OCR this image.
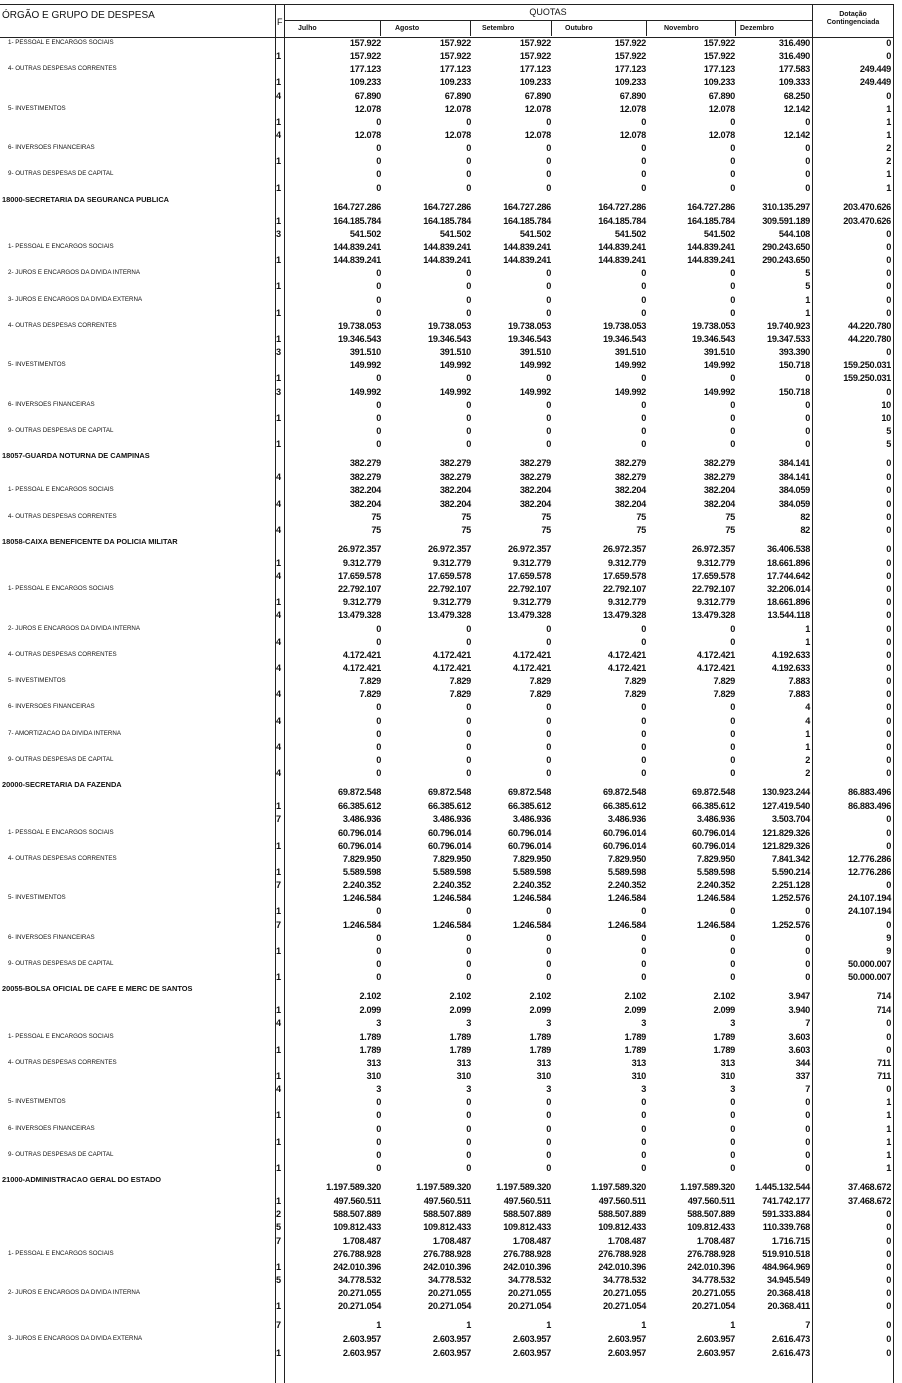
ÓRGÃO E GRUPO DE DESPESA
F
QUOTAS
Julho	Agosto	Setembro	Outubro	Novembro	Dezembro
Dotação Contingenciada
1- PESSOAL E ENCARGOS SOCIAIS	157.922	157.922	157.922	157.922	157.922	316.490	0
1	157.922	157.922	157.922	157.922	157.922	316.490	0
4- OUTRAS DESPESAS CORRENTES	177.123	177.123	177.123	177.123	177.123	177.583	249.449
1	109.233	109.233	109.233	109.233	109.233	109.333	249.449
4	67.890	67.890	67.890	67.890	67.890	68.250	0
5- INVESTIMENTOS	12.078	12.078	12.078	12.078	12.078	12.142	1
1	0	0	0	0	0	0	1
4	12.078	12.078	12.078	12.078	12.078	12.142	1
6- INVERSOES FINANCEIRAS	0	0	0	0	0	0	2
1	0	0	0	0	0	0	2
9- OUTRAS DESPESAS DE CAPITAL	0	0	0	0	0	0	1
1	0	0	0	0	0	0	1
18000-SECRETARIA DA SEGURANCA PUBLICA
164.727.286	164.727.286	164.727.286	164.727.286	164.727.286	310.135.297	203.470.626
1	164.185.784	164.185.784	164.185.784	164.185.784	164.185.784	309.591.189	203.470.626
3	541.502	541.502	541.502	541.502	541.502	544.108	0
1- PESSOAL E ENCARGOS SOCIAIS	144.839.241	144.839.241	144.839.241	144.839.241	144.839.241	290.243.650	0
1	144.839.241	144.839.241	144.839.241	144.839.241	144.839.241	290.243.650	0
2- JUROS E ENCARGOS DA DIVIDA INTERNA	0	0	0	0	0	5	0
1	0	0	0	0	0	5	0
3- JUROS E ENCARGOS DA DIVIDA EXTERNA	0	0	0	0	0	1	0
1	0	0	0	0	0	1	0
4- OUTRAS DESPESAS CORRENTES	19.738.053	19.738.053	19.738.053	19.738.053	19.738.053	19.740.923	44.220.780
1	19.346.543	19.346.543	19.346.543	19.346.543	19.346.543	19.347.533	44.220.780
3	391.510	391.510	391.510	391.510	391.510	393.390	0
5- INVESTIMENTOS	149.992	149.992	149.992	149.992	149.992	150.718	159.250.031
1	0	0	0	0	0	0	159.250.031
3	149.992	149.992	149.992	149.992	149.992	150.718	0
6- INVERSOES FINANCEIRAS	0	0	0	0	0	0	10
1	0	0	0	0	0	0	10
9- OUTRAS DESPESAS DE CAPITAL	0	0	0	0	0	0	5
1	0	0	0	0	0	0	5
18057-GUARDA NOTURNA DE CAMPINAS
382.279	382.279	382.279	382.279	382.279	384.141	0
4	382.279	382.279	382.279	382.279	382.279	384.141	0
1- PESSOAL E ENCARGOS SOCIAIS	382.204	382.204	382.204	382.204	382.204	384.059	0
4	382.204	382.204	382.204	382.204	382.204	384.059	0
4- OUTRAS DESPESAS CORRENTES	75	75	75	75	75	82	0
4	75	75	75	75	75	82	0
18058-CAIXA BENEFICENTE DA POLICIA MILITAR
26.972.357	26.972.357	26.972.357	26.972.357	26.972.357	36.406.538	0
1	9.312.779	9.312.779	9.312.779	9.312.779	9.312.779	18.661.896	0
4	17.659.578	17.659.578	17.659.578	17.659.578	17.659.578	17.744.642	0
1- PESSOAL E ENCARGOS SOCIAIS	22.792.107	22.792.107	22.792.107	22.792.107	22.792.107	32.206.014	0
1	9.312.779	9.312.779	9.312.779	9.312.779	9.312.779	18.661.896	0
4	13.479.328	13.479.328	13.479.328	13.479.328	13.479.328	13.544.118	0
2- JUROS E ENCARGOS DA DIVIDA INTERNA	0	0	0	0	0	1	0
4	0	0	0	0	0	1	0
4- OUTRAS DESPESAS CORRENTES	4.172.421	4.172.421	4.172.421	4.172.421	4.172.421	4.192.633	0
4	4.172.421	4.172.421	4.172.421	4.172.421	4.172.421	4.192.633	0
5- INVESTIMENTOS	7.829	7.829	7.829	7.829	7.829	7.883	0
4	7.829	7.829	7.829	7.829	7.829	7.883	0
6- INVERSOES FINANCEIRAS	0	0	0	0	0	4	0
4	0	0	0	0	0	4	0
7- AMORTIZACAO DA DIVIDA INTERNA	0	0	0	0	0	1	0
4	0	0	0	0	0	1	0
9- OUTRAS DESPESAS DE CAPITAL	0	0	0	0	0	2	0
4	0	0	0	0	0	2	0
20000-SECRETARIA DA FAZENDA
69.872.548	69.872.548	69.872.548	69.872.548	69.872.548	130.923.244	86.883.496
1	66.385.612	66.385.612	66.385.612	66.385.612	66.385.612	127.419.540	86.883.496
7	3.486.936	3.486.936	3.486.936	3.486.936	3.486.936	3.503.704	0
1- PESSOAL E ENCARGOS SOCIAIS	60.796.014	60.796.014	60.796.014	60.796.014	60.796.014	121.829.326	0
1	60.796.014	60.796.014	60.796.014	60.796.014	60.796.014	121.829.326	0
4- OUTRAS DESPESAS CORRENTES	7.829.950	7.829.950	7.829.950	7.829.950	7.829.950	7.841.342	12.776.286
1	5.589.598	5.589.598	5.589.598	5.589.598	5.589.598	5.590.214	12.776.286
7	2.240.352	2.240.352	2.240.352	2.240.352	2.240.352	2.251.128	0
5- INVESTIMENTOS	1.246.584	1.246.584	1.246.584	1.246.584	1.246.584	1.252.576	24.107.194
1	0	0	0	0	0	0	24.107.194
7	1.246.584	1.246.584	1.246.584	1.246.584	1.246.584	1.252.576	0
6- INVERSOES FINANCEIRAS	0	0	0	0	0	0	9
1	0	0	0	0	0	0	9
9- OUTRAS DESPESAS DE CAPITAL	0	0	0	0	0	0	50.000.007
1	0	0	0	0	0	0	50.000.007
20055-BOLSA OFICIAL DE CAFE E MERC DE SANTOS
2.102	2.102	2.102	2.102	2.102	3.947	714
1	2.099	2.099	2.099	2.099	2.099	3.940	714
4	3	3	3	3	3	7	0
1- PESSOAL E ENCARGOS SOCIAIS	1.789	1.789	1.789	1.789	1.789	3.603	0
1	1.789	1.789	1.789	1.789	1.789	3.603	0
4- OUTRAS DESPESAS CORRENTES	313	313	313	313	313	344	711
1	310	310	310	310	310	337	711
4	3	3	3	3	3	7	0
5- INVESTIMENTOS	0	0	0	0	0	0	1
1	0	0	0	0	0	0	1
6- INVERSOES FINANCEIRAS	0	0	0	0	0	0	1
1	0	0	0	0	0	0	1
9- OUTRAS DESPESAS DE CAPITAL	0	0	0	0	0	0	1
1	0	0	0	0	0	0	1
21000-ADMINISTRACAO GERAL DO ESTADO
1.197.589.320	1.197.589.320	1.197.589.320	1.197.589.320	1.197.589.320	1.445.132.544	37.468.672
1	497.560.511	497.560.511	497.560.511	497.560.511	497.560.511	741.742.177	37.468.672
2	588.507.889	588.507.889	588.507.889	588.507.889	588.507.889	591.333.884	0
5	109.812.433	109.812.433	109.812.433	109.812.433	109.812.433	110.339.768	0
7	1.708.487	1.708.487	1.708.487	1.708.487	1.708.487	1.716.715	0
1- PESSOAL E ENCARGOS SOCIAIS	276.788.928	276.788.928	276.788.928	276.788.928	276.788.928	519.910.518	0
1	242.010.396	242.010.396	242.010.396	242.010.396	242.010.396	484.964.969	0
5	34.778.532	34.778.532	34.778.532	34.778.532	34.778.532	34.945.549	0
2- JUROS E ENCARGOS DA DIVIDA INTERNA	20.271.055	20.271.055	20.271.055	20.271.055	20.271.055	20.368.418	0
1	20.271.054	20.271.054	20.271.054	20.271.054	20.271.054	20.368.411	0
7	1	1	1	1	1	7	0
3- JUROS E ENCARGOS DA DIVIDA EXTERNA	2.603.957	2.603.957	2.603.957	2.603.957	2.603.957	2.616.473	0
1	2.603.957	2.603.957	2.603.957	2.603.957	2.603.957	2.616.473	0
